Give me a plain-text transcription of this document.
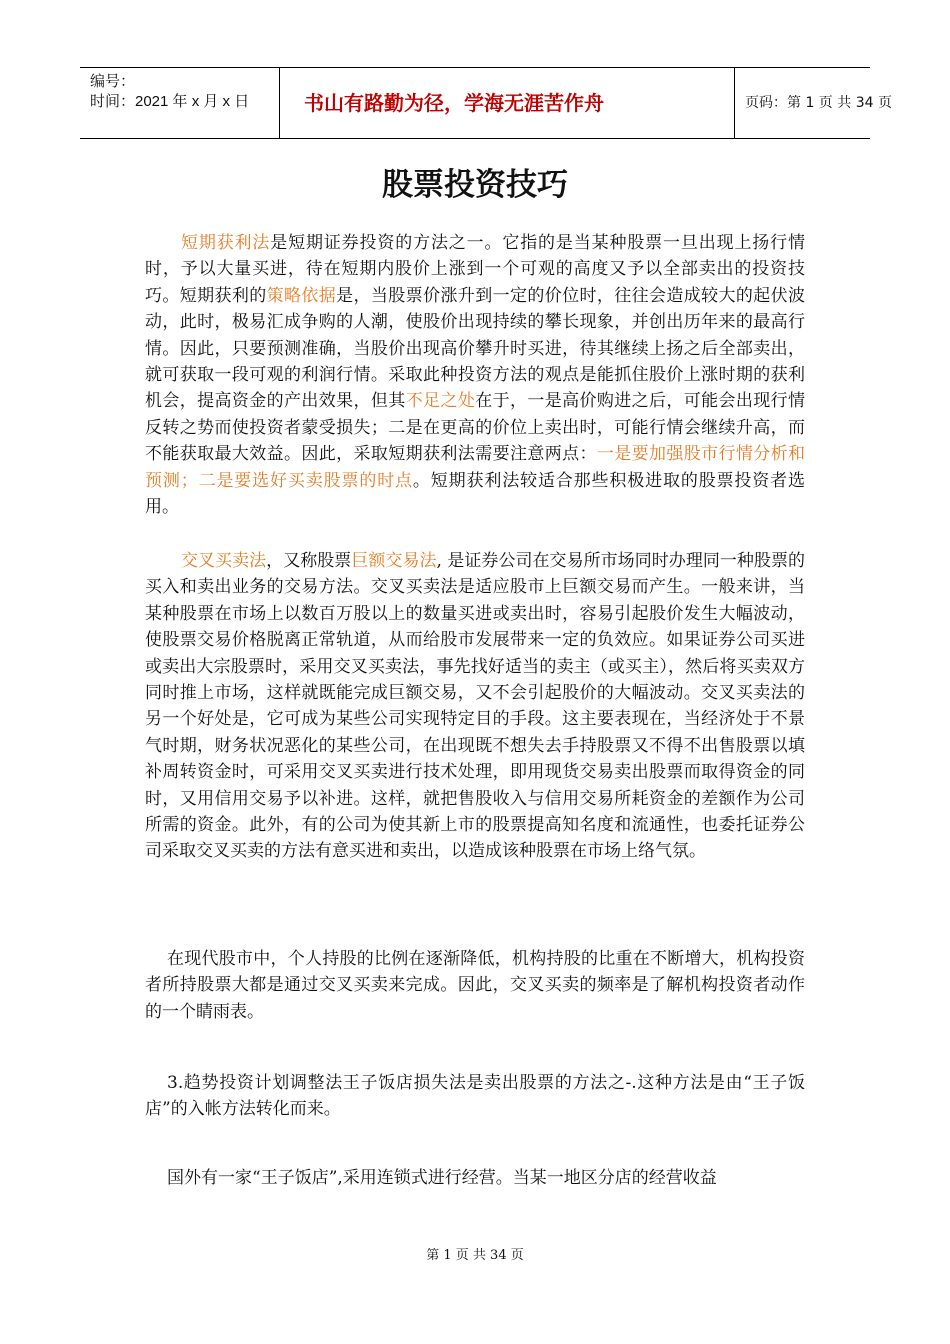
编号：
时间：2021 年 x 月 x 日	书山有路勤为径，学海无涯苦作舟	页码：第 1 页 共 34 页
股票投资技巧

短期获利法是短期证券投资的方法之一。它指的是当某种股票一旦出现上扬行情时，予以大量买进，待在短期内股价上涨到一个可观的高度又予以全部卖出的投资技巧。短期获利的策略依据是，当股票价涨升到一定的价位时，往往会造成较大的起伏波动，此时，极易汇成争购的人潮，使股价出现持续的攀长现象，并创出历年来的最高行情。因此，只要预测准确，当股价出现高价攀升时买进，待其继续上扬之后全部卖出，就可获取一段可观的利润行情。采取此种投资方法的观点是能抓住股价上涨时期的获利机会，提高资金的产出效果，但其不足之处在于，一是高价购进之后，可能会出现行情反转之势而使投资者蒙受损失；二是在更高的价位上卖出时，可能行情会继续升高，而不能获取最大效益。因此，采取短期获利法需要注意两点：一是要加强股市行情分析和预测；二是要选好买卖股票的时点。短期获利法较适合那些积极进取的股票投资者选用。

交叉买卖法，又称股票巨额交易法, 是证券公司在交易所市场同时办理同一种股票的买入和卖出业务的交易方法。交叉买卖法是适应股市上巨额交易而产生。一般来讲，当某种股票在市场上以数百万股以上的数量买进或卖出时，容易引起股价发生大幅波动，使股票交易价格脱离正常轨道，从而给股市发展带来一定的负效应。如果证券公司买进或卖出大宗股票时，采用交叉买卖法，事先找好适当的卖主（或买主），然后将买卖双方同时推上市场，这样就既能完成巨额交易，又不会引起股价的大幅波动。交叉买卖法的另一个好处是，它可成为某些公司实现特定目的手段。这主要表现在，当经济处于不景气时期，财务状况恶化的某些公司，在出现既不想失去手持股票又不得不出售股票以填补周转资金时，可采用交叉买卖进行技术处理，即用现货交易卖出股票而取得资金的同时，又用信用交易予以补进。这样，就把售股收入与信用交易所耗资金的差额作为公司所需的资金。此外，有的公司为使其新上市的股票提高知名度和流通性，也委托证券公司采取交叉买卖的方法有意买进和卖出，以造成该种股票在市场上络气氛。

在现代股市中，个人持股的比例在逐渐降低，机构持股的比重在不断增大，机构投资者所持股票大都是通过交叉买卖来完成。因此，交叉买卖的频率是了解机构投资者动作的一个睛雨表。

3.趋势投资计划调整法王子饭店损失法是卖出股票的方法之-.这种方法是由“王子饭店”的入帐方法转化而来。

国外有一家“王子饭店”,采用连锁式进行经营。当某一地区分店的经营收益

第 1 页 共 34 页
